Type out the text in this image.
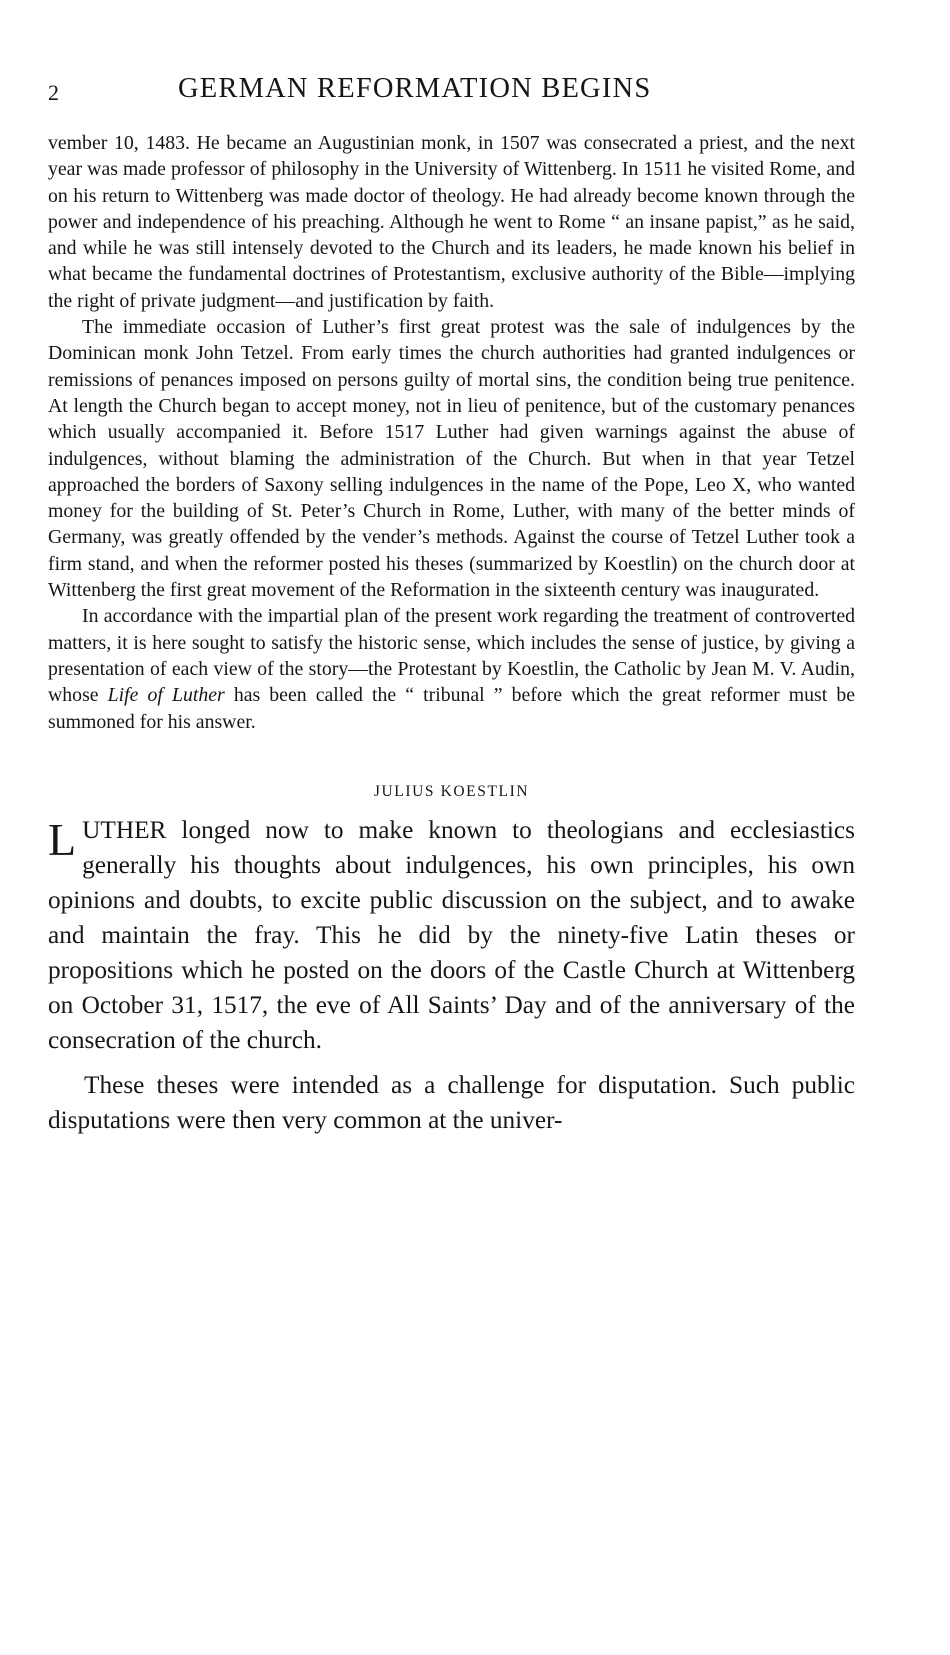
2	GERMAN REFORMATION BEGINS

vember 10, 1483. He became an Augustinian monk, in 1507 was consecrated a priest, and the next year was made professor of philosophy in the University of Wittenberg. In 1511 he visited Rome, and on his return to Wittenberg was made doctor of theology. He had already become known through the power and independence of his preaching. Although he went to Rome “ an insane papist,” as he said, and while he was still intensely devoted to the Church and its leaders, he made known his belief in what became the fundamental doctrines of Protestantism, exclusive authority of the Bible—implying the right of private judgment—and justification by faith.

The immediate occasion of Luther’s first great protest was the sale of indulgences by the Dominican monk John Tetzel. From early times the church authorities had granted indulgences or remissions of penances imposed on persons guilty of mortal sins, the condition being true penitence. At length the Church began to accept money, not in lieu of penitence, but of the customary penances which usually accompanied it. Before 1517 Luther had given warnings against the abuse of indulgences, without blaming the administration of the Church. But when in that year Tetzel approached the borders of Saxony selling indulgences in the name of the Pope, Leo X, who wanted money for the building of St. Peter’s Church in Rome, Luther, with many of the better minds of Germany, was greatly offended by the vender’s methods. Against the course of Tetzel Luther took a firm stand, and when the reformer posted his theses (summarized by Koestlin) on the church door at Wittenberg the first great movement of the Reformation in the sixteenth century was inaugurated.

In accordance with the impartial plan of the present work regarding the treatment of controverted matters, it is here sought to satisfy the historic sense, which includes the sense of justice, by giving a presentation of each view of the story—the Protestant by Koestlin, the Catholic by Jean M. V. Audin, whose Life of Luther has been called the “ tribunal ” before which the great reformer must be summoned for his answer.

JULIUS KOESTLIN

LUTHER longed now to make known to theologians and ecclesiastics generally his thoughts about indulgences, his own principles, his own opinions and doubts, to excite public discussion on the subject, and to awake and maintain the fray. This he did by the ninety-five Latin theses or propositions which he posted on the doors of the Castle Church at Wittenberg on October 31, 1517, the eve of All Saints’ Day and of the anniversary of the consecration of the church.

These theses were intended as a challenge for disputation. Such public disputations were then very common at the univer-
